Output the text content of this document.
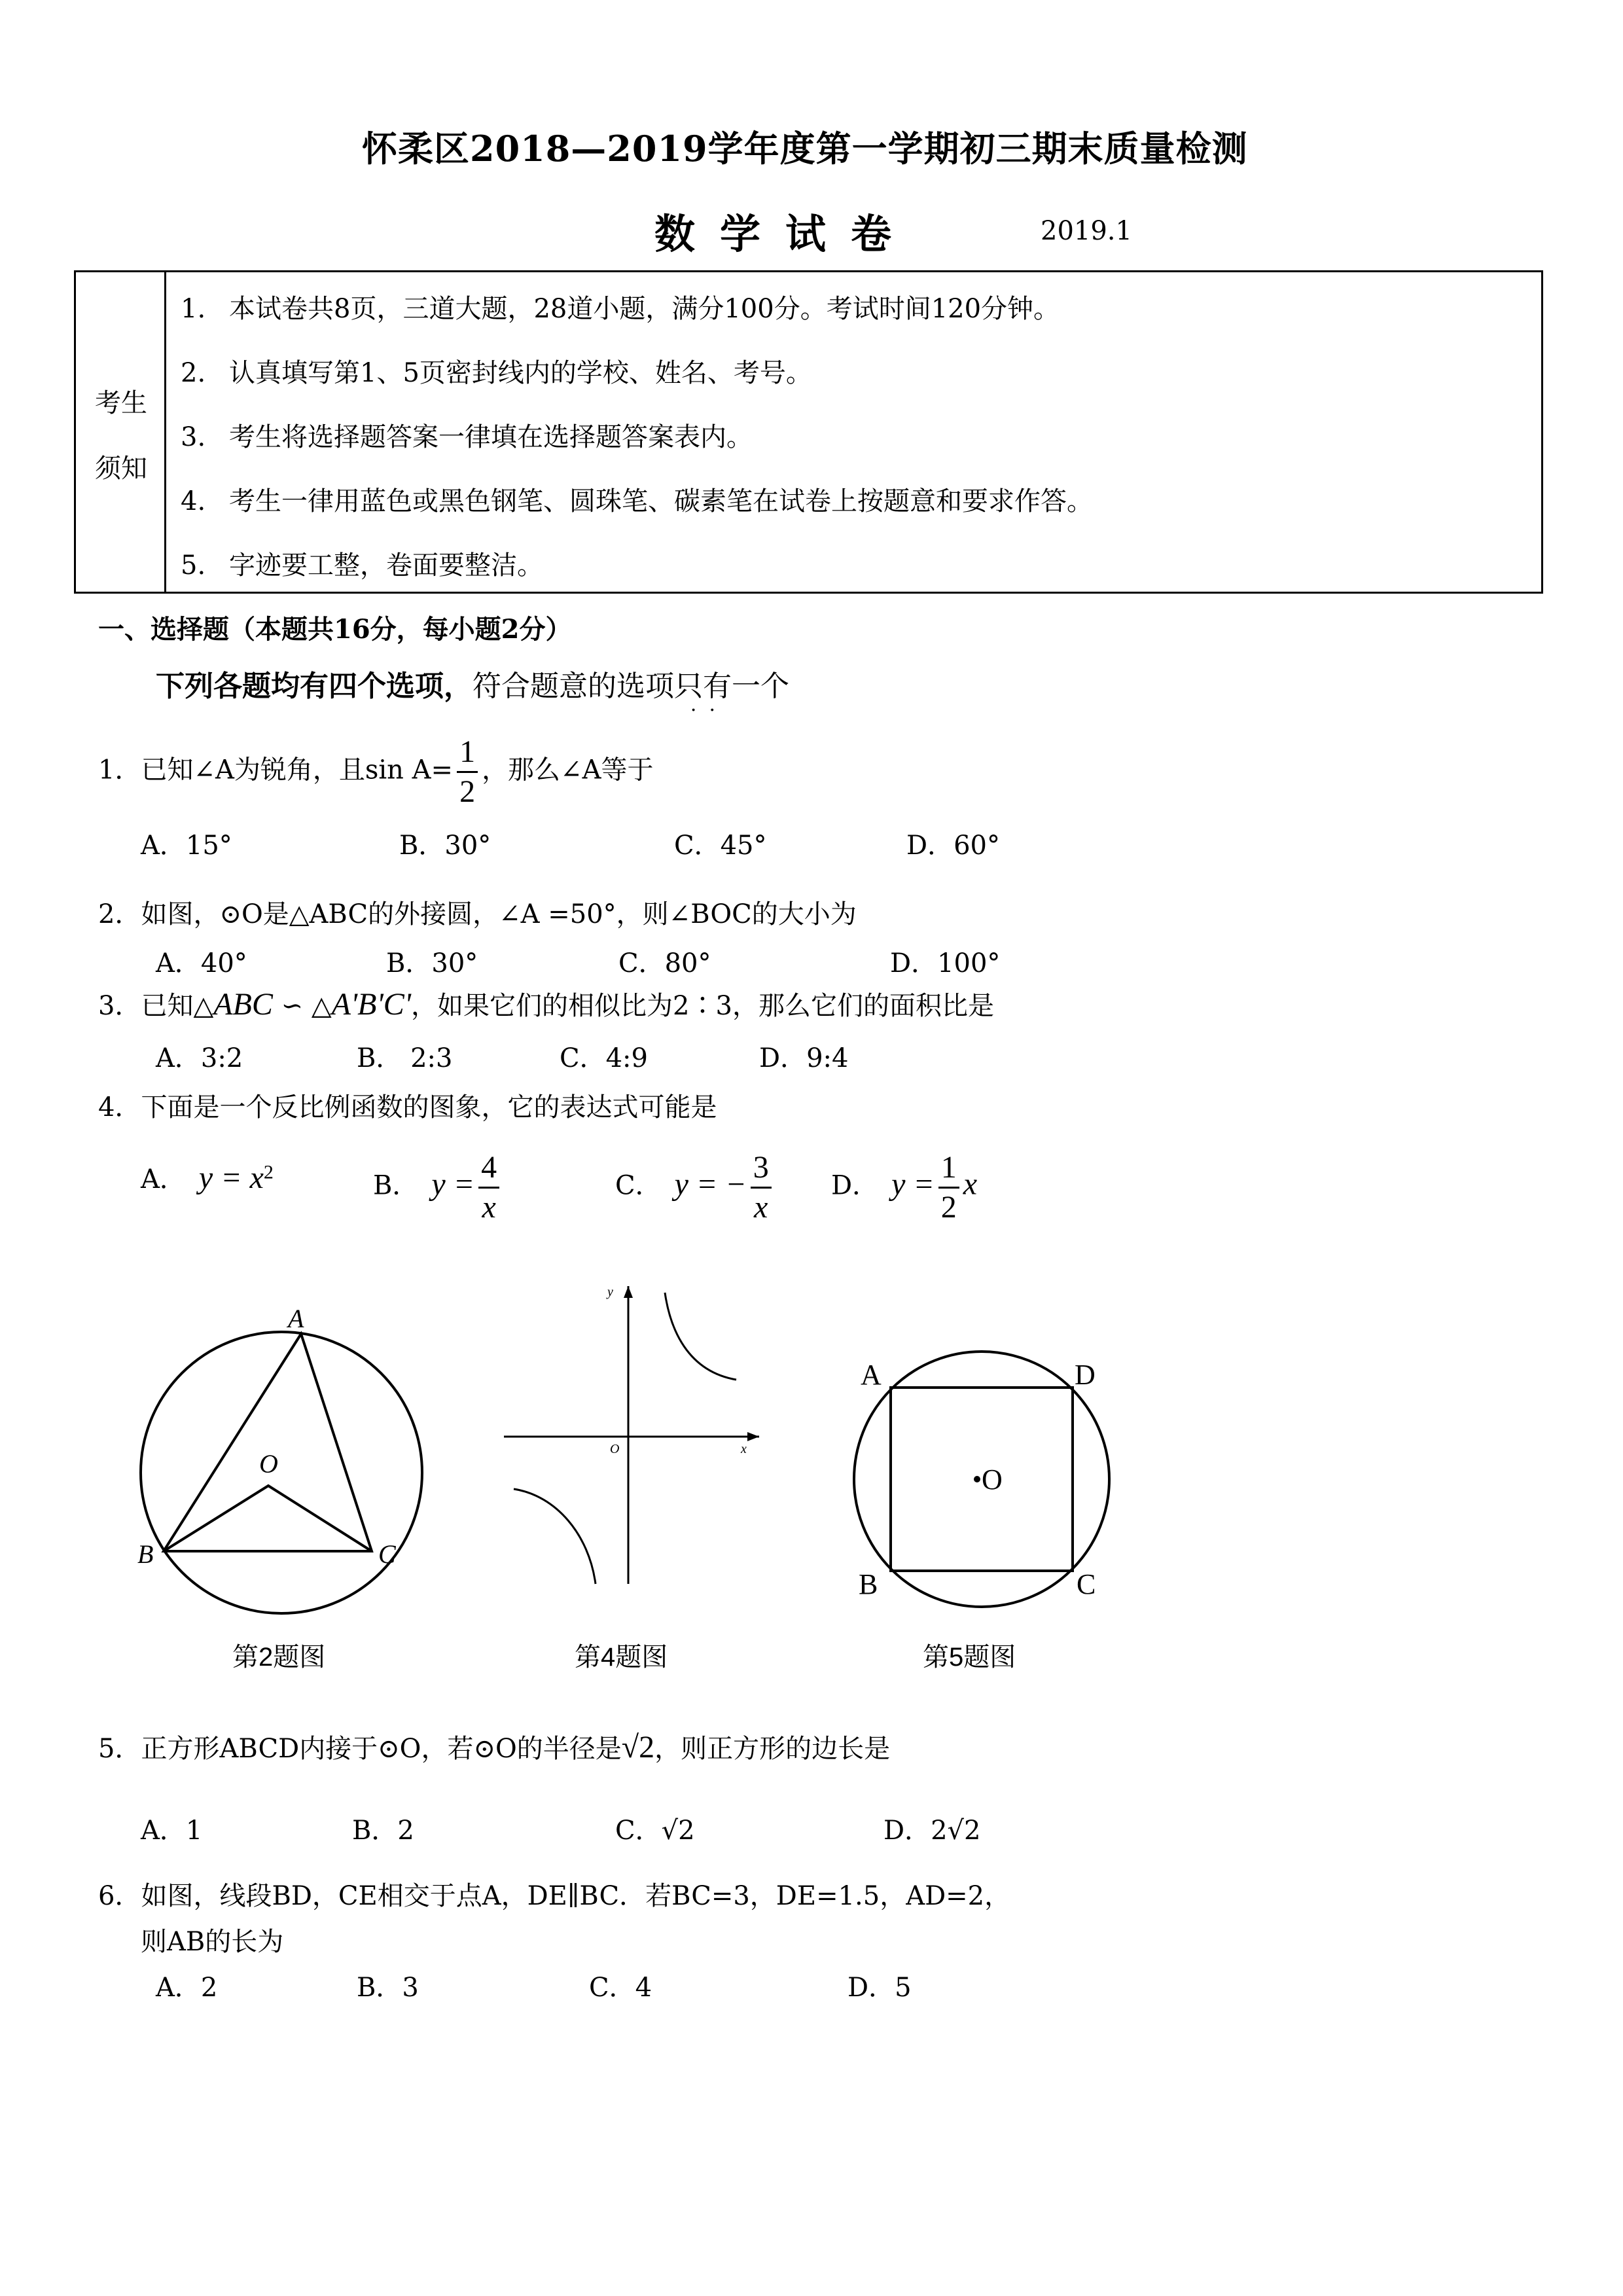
怀柔区2018—2019学年度第一学期初三期末质量检测
数学试卷	2019.1
考生
须知
1. 本试卷共8页，三道大题，28道小题，满分100分。考试时间120分钟。
2. 认真填写第1、5页密封线内的学校、姓名、考号。
3. 考生将选择题答案一律填在选择题答案表内。
4. 考生一律用蓝色或黑色钢笔、圆珠笔、碳素笔在试卷上按题意和要求作答。
5. 字迹要工整，卷面要整洁。
一、选择题（本题共16分，每小题2分）
下列各题均有四个选项，符合题意的选项只有
·  ·
一个
1．已知∠A为锐角，且$\sin A= \frac{1}{2}$ ，那么∠A等于
A．15°	B．30°	C．45°	D．60°
2．如图，⊙O是△ABC的外接圆，∠A =50°，则∠BOC的大小为
A．40°	B．30°	C．80°	D．100°
3．已知△ABC ∽ △A'B'C'，如果它们的相似比为2∶3，那么它们的面积比是
A．3:2	B． 2:3	C．4:9	D．9:4
4．下面是一个反比例函数的图象，它的表达式可能是
A． $y = x^2$	B． $y = \frac{4}{x}$	C． y = − $\frac{3}{x}$ D． $y = \frac{1}{2}$ x
A
B	C
O
第2题图
y
x
O
第4题图
A	D
B	C
O
第5题图
5．正方形ABCD内接于⊙O，若⊙O的半径是√2，则正方形的边长是
A．1	B．2	C．√2	D．2√2
6．如图，线段BD，CE相交于点A，DE∥BC．若BC=3，DE=1.5，AD=2，
则AB的长为
A．2	B．3	C．4	D．5
